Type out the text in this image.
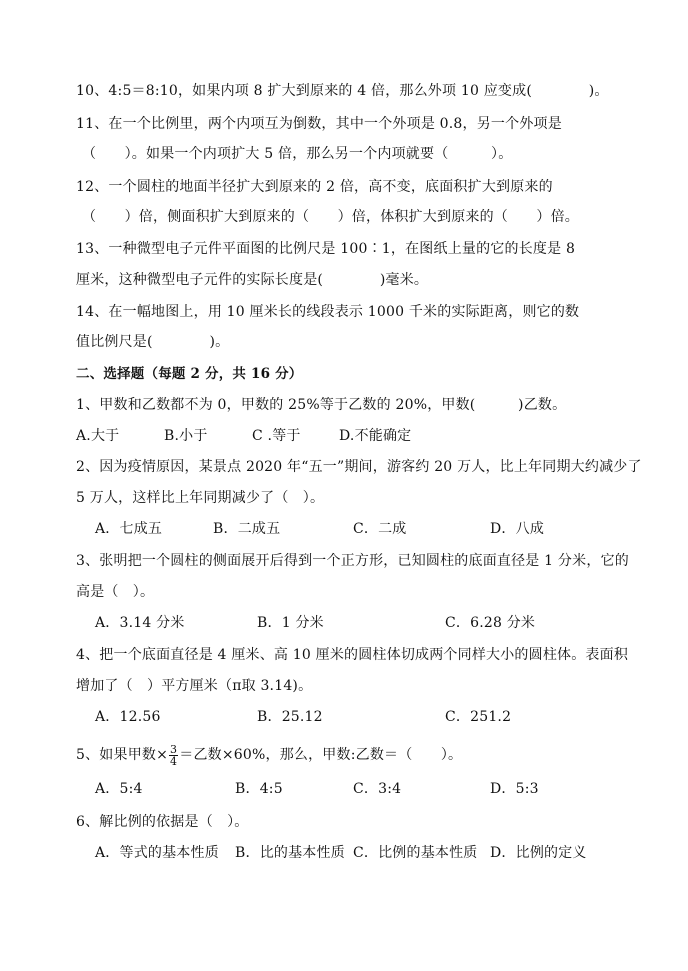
10、4:5＝8:10，如果内项 8 扩大到原来的 4 倍，那么外项 10 应变成(　　　　)。
11、在一个比例里，两个内项互为倒数，其中一个外项是 0.8，另一个外项是
（　　）。如果一个内项扩大 5 倍，那么另一个内项就要（　　　）。
12、一个圆柱的地面半径扩大到原来的 2 倍，高不变，底面积扩大到原来的
（　　）倍，侧面积扩大到原来的（　　）倍，体积扩大到原来的（　　）倍。
13、一种微型电子元件平面图的比例尺是 100∶1，在图纸上量的它的长度是 8
厘米，这种微型电子元件的实际长度是(　　　　)毫米。
14、在一幅地图上，用 10 厘米长的线段表示 1000 千米的实际距离，则它的数
值比例尺是(　　　　)。
二、选择题（每题 2 分，共 16 分）
1、甲数和乙数都不为 0，甲数的 25%等于乙数的 20%，甲数(　　　)乙数。
A.大于	B.小于	C .等于	D.不能确定
2、因为疫情原因，某景点 2020 年“五一”期间，游客约 20 万人，比上年同期大约减少了
5 万人，这样比上年同期减少了（　）。
A．七成五	B．二成五	C．二成	D．八成
3、张明把一个圆柱的侧面展开后得到一个正方形，已知圆柱的底面直径是 1 分米，它的
高是（　）。
A．3.14 分米	B．1 分米	C．6.28 分米
4、把一个底面直径是 4 厘米、高 10 厘米的圆柱体切成两个同样大小的圆柱体。表面积
增加了（　）平方厘米（π取 3.14)。
A．12.56	B．25.12	C．251.2
5、如果甲数× $\frac{3}{4}$ ＝乙数×60%，那么，甲数:乙数＝（　　）。
A．5:4	B．4:5	C．3:4	D．5:3
6、解比例的依据是（　）。
A．等式的基本性质 B．比的基本性质 C．比例的基本性质 D．比例的定义
